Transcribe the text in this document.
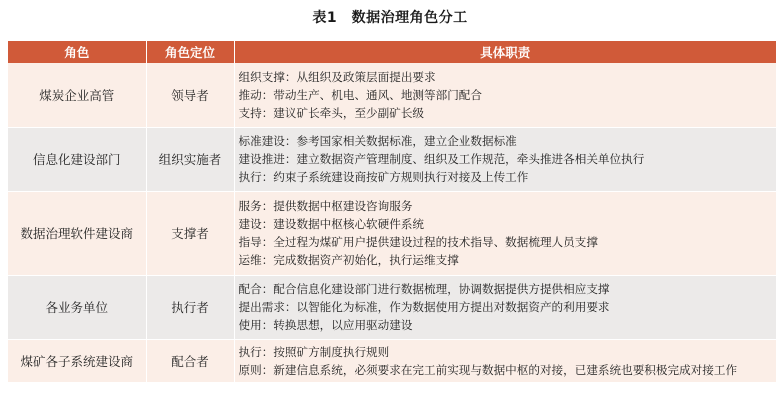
表1　数据治理角色分工
角色	角色定位	具体职责
煤炭企业高管	领导者	组织支撑：从组织及政策层面提出要求
推动：带动生产、机电、通风、地测等部门配合
支持：建议矿长牵头，至少副矿长级

信息化建设部门	组织实施者	标准建设：参考国家相关数据标准，建立企业数据标准
建设推进：建立数据资产管理制度、组织及工作规范，牵头推进各相关单位执行
执行：约束子系统建设商按矿方规则执行对接及上传工作

数据治理软件建设商	支撑者	服务：提供数据中枢建设咨询服务
建设：建设数据中枢核心软硬件系统
指导：全过程为煤矿用户提供建设过程的技术指导、数据梳理人员支撑
运维：完成数据资产初始化，执行运维支撑

各业务单位	执行者	配合：配合信息化建设部门进行数据梳理，协调数据提供方提供相应支撑
提出需求：以智能化为标准，作为数据使用方提出对数据资产的利用要求
使用：转换思想，以应用驱动建设

煤矿各子系统建设商	配合者	执行：按照矿方制度执行规则
原则：新建信息系统，必须要求在完工前实现与数据中枢的对接，已建系统也要积极完成对接工作
